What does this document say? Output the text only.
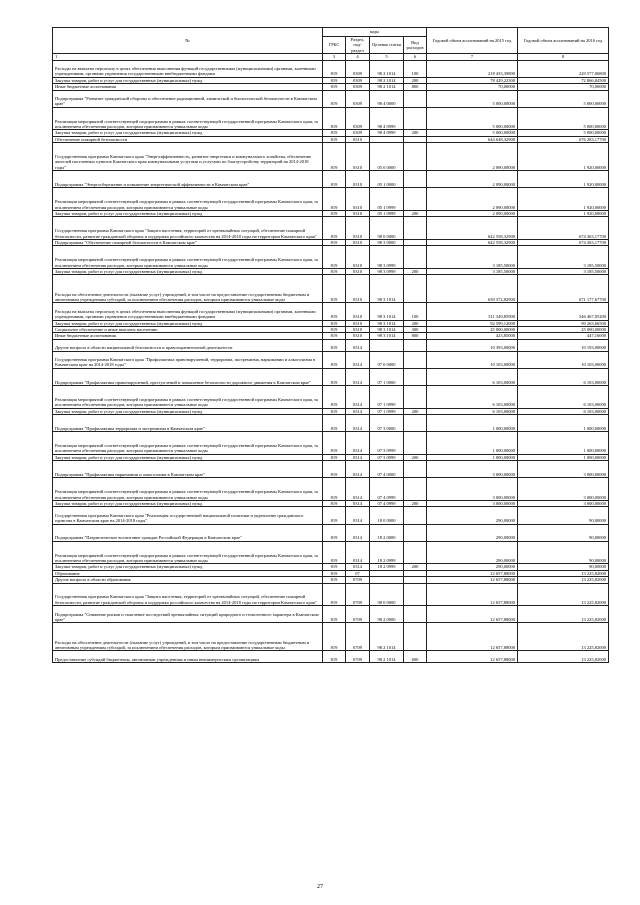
№	коды				Годовой объем ассигнований на 2015 год	Годовой объем ассигнований на 2016 год
	ГРБС	Раздел, под-раздел	Целевая статья	Вид расходов		
1	3	4	5	6	7	8
Расходы на выплаты персоналу в целях обеспечения выполнения функций государственными (муниципальными) органами, казенными учреждениями, органами управления государственными внебюджетными фондами	819	0309	98 2 1014	100	218 433,39800	229 577,06800
Закупка товаров, работ и услуг для государственных (муниципальных) нужд	819	0309	98 2 1014	200	78 429,22300	72 866,84500
Иные бюджетные ассигнования	819	0309	98 2 1014	800	70,00000	70,00000
Подпрограмма "Развитие гражданской обороны и обеспечение радиационной, химической и биологической безопасности в Камчатском крае"	819	0309	98 4 0000		5 000,00000	5 000,00000
Реализация мероприятий соответствующей подпрограммы в рамках соответствующей государственной программы Камчатского края, за исключением обеспечения расходов, которым присваиваются уникальные коды	819	0309	98 4 0999		5 000,00000	5 000,00000
Закупка товаров, работ и услуг для государственных (муниципальных) нужд	819	0309	98 4 0999	200	5 000,00000	5 000,00000
Обеспечение пожарной безопасности	819	0310			644 648,32900	676 283,17700
Государственная программа Камчатского края "Энергоэффективность, развитие энергетики и коммунального хозяйства, обеспечение жителей населенных пунктов Камчатского края коммунальными услугами и услугами по благоустройству территорий на 2014-2018 годы"	819	0310	05 0 0000		2 090,00000	1 920,00000
Подпрограмма "Энергосбережение и повышение энергетической эффективности в Камчатском крае"	819	0310	05 1 0000		2 090,00000	1 920,00000
Реализация мероприятий соответствующей подпрограммы в рамках соответствующей государственной программы Камчатского края, за исключением обеспечения расходов, которым присваиваются уникальные коды	819	0310	05 1 0999		2 090,00000	1 920,00000
Закупка товаров, работ и услуг для государственных (муниципальных) нужд	819	0310	05 1 0999	200	2 090,00000	1 920,00000
Государственная программа Камчатского края "Защита населения, территорий от чрезвычайных ситуаций, обеспечение пожарной безопасности, развитие гражданской обороны и поддержка российского казачества на 2014-2018 годы на территории Камчатского края"	819	0310	98 0 0000		642 558,32900	674 363,17700
Подпрограмма "Обеспечение пожарной безопасности в Камчатском крае"	819	0310	98 3 0000		642 558,32900	674 363,17700
Реализация мероприятий соответствующей подпрограммы в рамках соответствующей государственной программы Камчатского края, за исключением обеспечения расходов, которым присваиваются уникальные коды	819	0310	98 3 0999		3 185,50000	3 185,50000
Закупка товаров, работ и услуг для государственных (муниципальных) нужд	819	0310	98 3 0999	200	3 185,50000	3 185,50000
Расходы на обеспечение деятельности (оказание услуг) учреждений, в том числе на предоставление государственным бюджетным и автономным учреждениям субсидий, за исключением обеспечения расходов, которым присваиваются уникальные коды	819	0310	98 3 1014		639 372,82900	671 177,67700
Расходы на выплаты персоналу в целях обеспечения выполнения функций государственными (муниципальными) органами, казенными учреждениями, органами управления государственными внебюджетными фондами	819	0310	98 3 1014	100	511 349,85900	546 467,05200
Закупка товаров, работ и услуг для государственных (муниципальных) нужд	819	0310	98 3 1014	200	92 599,12000	99 263,66500
Социальное обеспечение и иные выплаты населению	819	0310	98 3 1014	300	25 000,00000	25 000,00000
Иные бюджетные ассигнования	819	0310	98 3 1014	800	423,85000	447,16000
Другие вопросы в области национальной безопасности и правоохранительной деятельности	819	0314			10 393,00000	10 193,00000
Государственная программа Камчатского края "Профилактика правонарушений, терроризма, экстремизма, наркомании и алкоголизма в Камчатском крае на 2014-2018 годы"	819	0314	07 0 0000		10 103,00000	10 103,00000
Подпрограмма "Профилактика правонарушений, преступлений и повышение безопасности дорожного движения в Камчатском крае"	819	0314	07 1 0000		6 103,00000	6 103,00000
Реализация мероприятий соответствующей подпрограммы в рамках соответствующей государственной программы Камчатского края, за исключением обеспечения расходов, которым присваиваются уникальные коды	819	0314	07 1 0999		6 103,00000	6 103,00000
Закупка товаров, работ и услуг для государственных (муниципальных) нужд	819	0314	07 1 0999	200	6 103,00000	6 103,00000
Подпрограмма "Профилактика терроризма и экстремизма в Камчатском крае"	819	0314	07 3 0000		1 000,00000	1 000,00000
Реализация мероприятий соответствующей подпрограммы в рамках соответствующей государственной программы Камчатского края, за исключением обеспечения расходов, которым присваиваются уникальные коды	819	0314	07 3 0999		1 000,00000	1 000,00000
Закупка товаров, работ и услуг для государственных (муниципальных) нужд	819	0314	07 3 0999	200	1 000,00000	1 000,00000
Подпрограмма "Профилактика наркомании и алкоголизма в Камчатском крае"	819	0314	07 4 0000		3 000,00000	3 000,00000
Реализация мероприятий соответствующей подпрограммы в рамках соответствующей государственной программы Камчатского края, за исключением обеспечения расходов, которым присваиваются уникальные коды	819	0314	07 4 0999		3 000,00000	3 000,00000
Закупка товаров, работ и услуг для государственных (муниципальных) нужд	819	0314	07 4 0999	200	3 000,00000	3 000,00000
Государственная программа Камчатского края "Реализация государственной национальной политики и укрепление гражданского единства в Камчатском крае на 2014-2018 годы"	819	0314	18 0 0000		290,00000	90,00000
Подпрограмма "Патриотическое воспитание граждан Российской Федерации в Камчатском крае"	819	0314	18 2 0000		290,00000	90,00000
Реализация мероприятий соответствующей подпрограммы в рамках соответствующей государственной программы Камчатского края, за исключением обеспечения расходов, которым присваиваются уникальные коды	819	0314	18 2 0999		290,00000	90,00000
Закупка товаров, работ и услуг для государственных (муниципальных) нужд	819	0314	18 2 0999	200	290,00000	90,00000
Образование	819	07			12 657,88000	13 225,82000
Другие вопросы в области образования	819	0709			12 657,88000	13 225,82000
Государственная программа Камчатского края "Защита населения, территорий от чрезвычайных ситуаций, обеспечение пожарной безопасности, развитие гражданской обороны и поддержка российского казачества на 2014-2018 годы на территории Камчатского края"	819	0709	98 0 0000		12 657,88000	13 225,82000
Подпрограмма "Снижение рисков и смягчение последствий чрезвычайных ситуаций природного и техногенного характера в Камчатском крае"	819	0709	98 2 0000		12 657,88000	13 225,82000
Расходы на обеспечение деятельности (оказание услуг) учреждений, в том числе на предоставление государственным бюджетным и автономным учреждениям субсидий, за исключением обеспечения расходов, которым присваиваются уникальные коды	819	0709	98 2 1014		12 657,88000	13 225,82000
Предоставление субсидий бюджетным, автономным учреждениям и иным некоммерческим организациям	819	0709	98 2 1014	600	12 657,88000	13 225,82000
27
